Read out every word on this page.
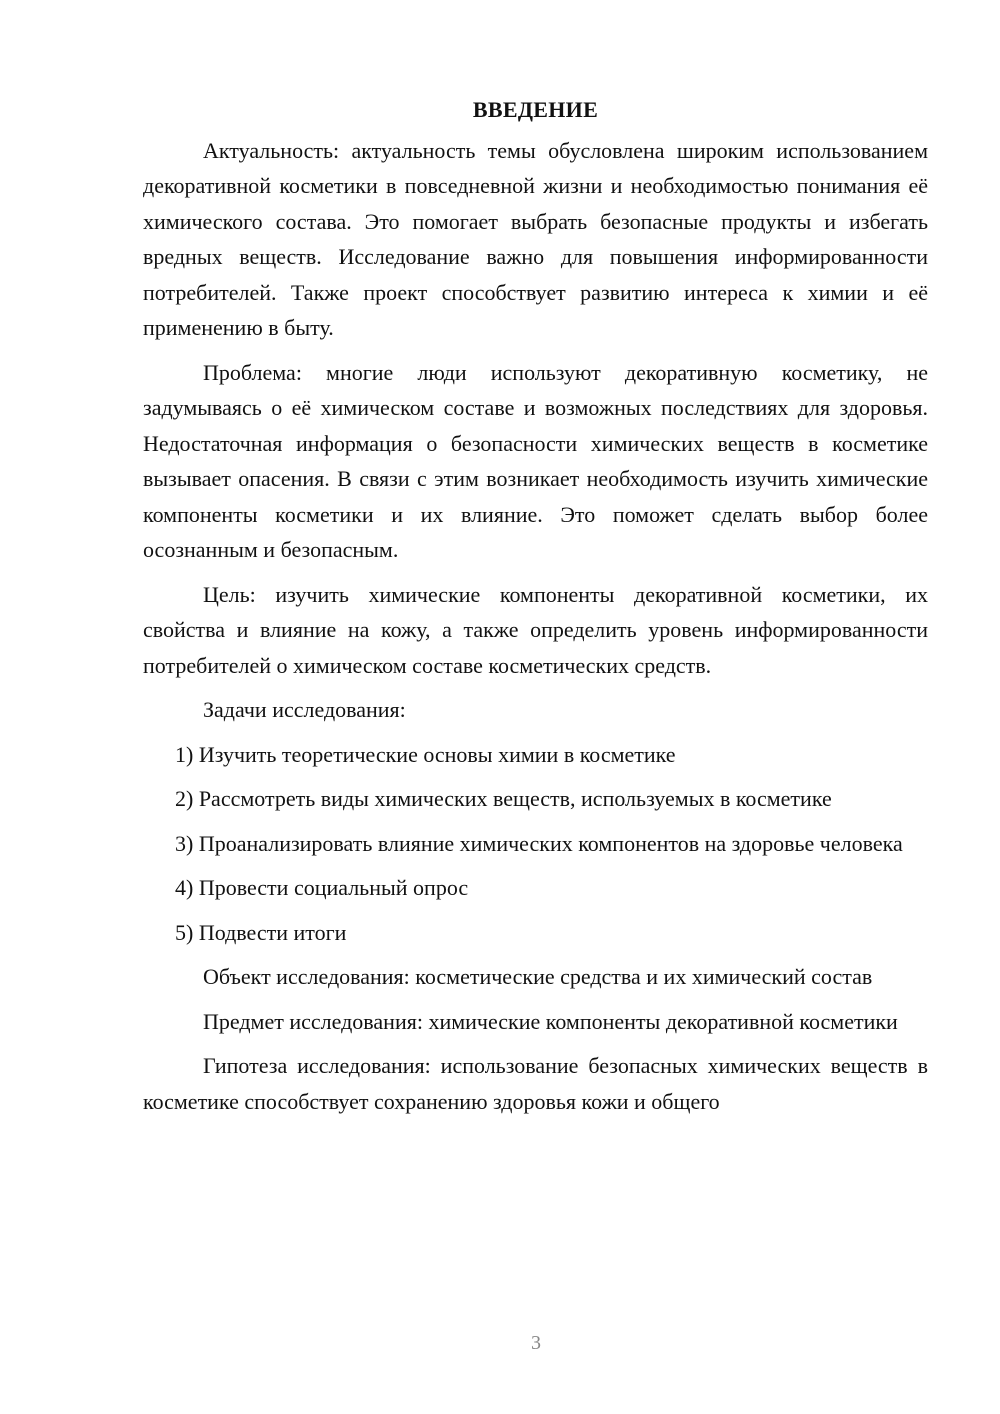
ВВЕДЕНИЕ

Актуальность: актуальность темы обусловлена широким использованием декоративной косметики в повседневной жизни и необходимостью понимания её химического состава. Это помогает выбрать безопасные продукты и избегать вредных веществ. Исследование важно для повышения информированности потребителей. Также проект способствует развитию интереса к химии и её применению в быту.

Проблема: многие люди используют декоративную косметику, не задумываясь о её химическом составе и возможных последствиях для здоровья. Недостаточная информация о безопасности химических веществ в косметике вызывает опасения. В связи с этим возникает необходимость изучить химические компоненты косметики и их влияние. Это поможет сделать выбор более осознанным и безопасным.

Цель: изучить химические компоненты декоративной косметики, их свойства и влияние на кожу, а также определить уровень информированности потребителей о химическом составе косметических средств.

Задачи исследования:

1) Изучить теоретические основы химии в косметике

2) Рассмотреть виды химических веществ, используемых в косметике

3) Проанализировать влияние химических компонентов на здоровье человека

4) Провести социальный опрос

5) Подвести итоги

Объект исследования: косметические средства и их химический состав

Предмет исследования: химические компоненты декоративной косметики

Гипотеза исследования: использование безопасных химических веществ в косметике способствует сохранению здоровья кожи и общего

3
